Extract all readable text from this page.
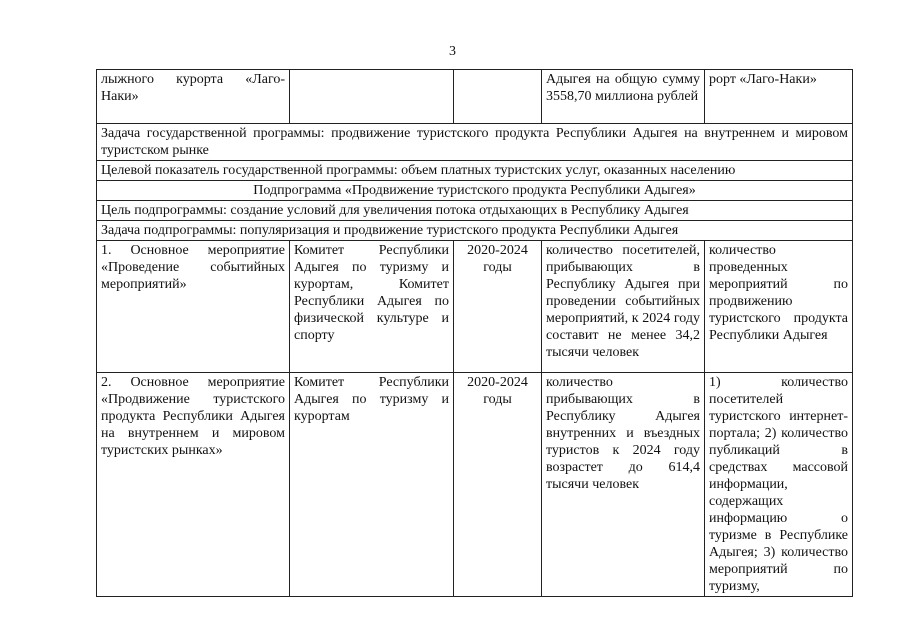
3
лыжного курорта «Лаго-Наки»			Адыгея на общую сумму 3558,70 миллиона рублей	рорт «Лаго-Наки»
Задача государственной программы: продвижение туристского продукта Республики Адыгея на внутреннем и мировом туристском рынке				
Целевой показатель государственной программы: объем платных туристских услуг, оказанных населению				
Подпрограмма «Продвижение туристского продукта Республики Адыгея»				
Цель подпрограммы: создание условий для увеличения потока отдыхающих в Республику Адыгея				
Задача подпрограммы: популяризация и продвижение туристского продукта Республики Адыгея				
1. Основное мероприятие «Проведение событийных мероприятий»	Комитет Республики Адыгея по туризму и курортам, Комитет Республики Адыгея по физической культуре и спорту	2020-2024 годы	количество посетителей, прибывающих в Республику Адыгея при проведении событийных мероприятий, к 2024 году составит не менее 34,2 тысячи человек	количество проведенных мероприятий по продвижению туристского продукта Республики Адыгея
2. Основное мероприятие «Продвижение туристского продукта Республики Адыгея на внутреннем и мировом туристских рынках»	Комитет Республики Адыгея по туризму и курортам	2020-2024 годы	количество прибывающих в Республику Адыгея внутренних и въездных туристов к 2024 году возрастет до 614,4 тысячи человек	1) количество посетителей туристского интернет-портала; 2) количество публикаций в средствах массовой информации, содержащих информацию о туризме в Республике Адыгея; 3) количество мероприятий по туризму,
